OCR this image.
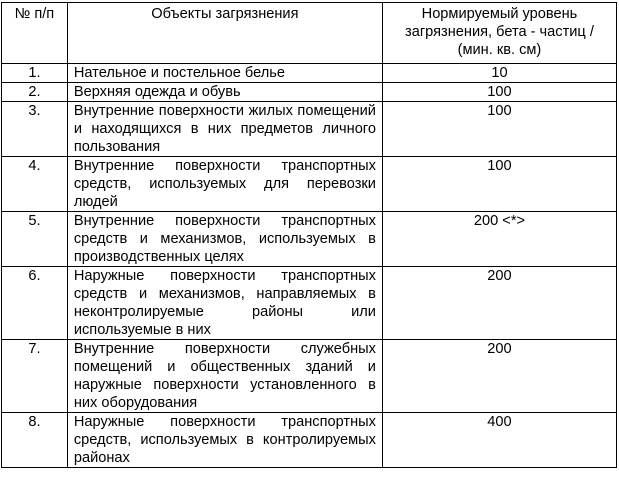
№ п/п	Объекты загрязнения	Нормируемый уровень загрязнения, бета - частиц / (мин. кв. см)
1.	Нательное и постельное белье	10
2.	Верхняя одежда и обувь	100
3.	Внутренние поверхности жилых помещений и находящихся в них предметов личного пользования	100
4.	Внутренние поверхности транспортных средств, используемых для перевозки людей	100
5.	Внутренние поверхности транспортных средств и механизмов, используемых в производственных целях	200 <*>
6.	Наружные поверхности транспортных средств и механизмов, направляемых в неконтролируемые районы или используемые в них	200
7.	Внутренние поверхности служебных помещений и общественных зданий и наружные поверхности установленного в них оборудования	200
8.	Наружные поверхности транспортных средств, используемых в контролируемых районах	400
